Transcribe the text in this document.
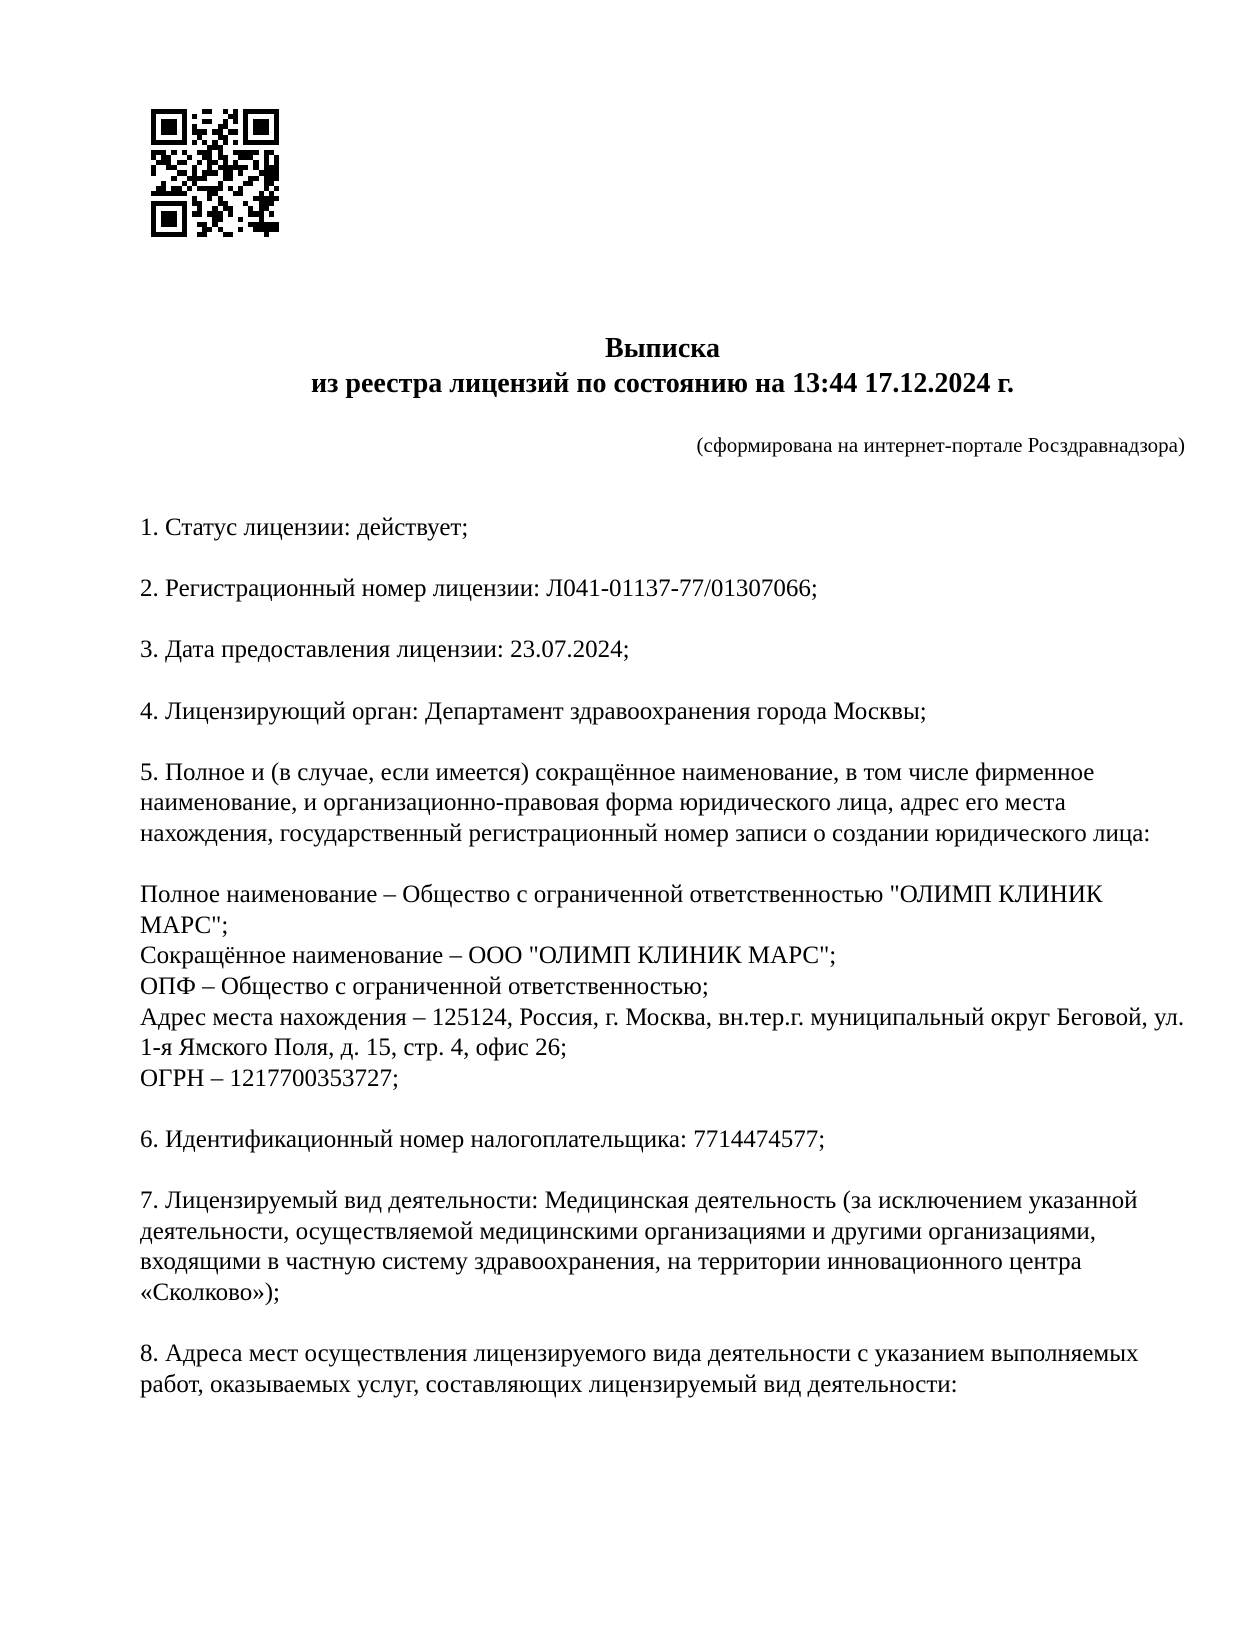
Выписка
из реестра лицензий по состоянию на 13:44 17.12.2024 г.
(сформирована на интернет-портале Росздравнадзора)

1. Статус лицензии: действует;

2. Регистрационный номер лицензии: Л041-01137-77/01307066;

3. Дата предоставления лицензии: 23.07.2024;

4. Лицензирующий орган: Департамент здравоохранения города Москвы;

5. Полное и (в случае, если имеется) сокращённое наименование, в том числе фирменное наименование, и организационно-правовая форма юридического лица, адрес его места нахождения, государственный регистрационный номер записи о создании юридического лица:

Полное наименование – Общество с ограниченной ответственностью "ОЛИМП КЛИНИК МАРС";
Сокращённое наименование – ООО "ОЛИМП КЛИНИК МАРС";
ОПФ – Общество с ограниченной ответственностью;
Адрес места нахождения – 125124, Россия, г. Москва, вн.тер.г. муниципальный округ Беговой, ул. 1-я Ямского Поля, д. 15, стр. 4, офис 26;
ОГРН – 1217700353727;

6. Идентификационный номер налогоплательщика: 7714474577;

7. Лицензируемый вид деятельности: Медицинская деятельность (за исключением указанной деятельности, осуществляемой медицинскими организациями и другими организациями, входящими в частную систему здравоохранения, на территории инновационного центра «Сколково»);

8. Адреса мест осуществления лицензируемого вида деятельности с указанием выполняемых работ, оказываемых услуг, составляющих лицензируемый вид деятельности:
